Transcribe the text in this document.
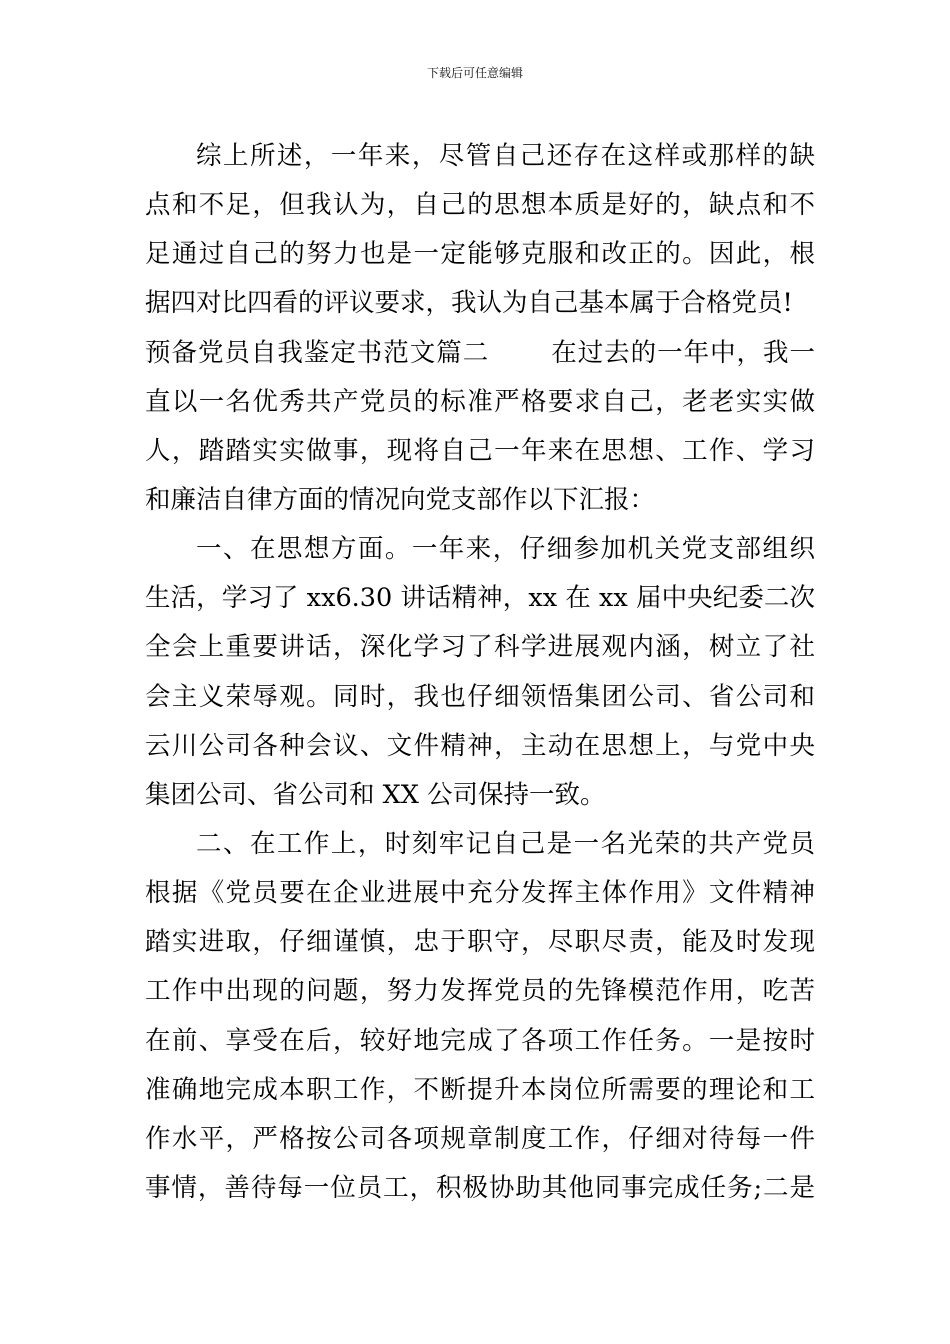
下载后可任意编辑
综上所述，一年来，尽管自己还存在这样或那样的缺
点和不足，但我认为，自己的思想本质是好的，缺点和不
足通过自己的努力也是一定能够克服和改正的。因此，根
据四对比四看的评议要求，我认为自己基本属于合格党员!
预备党员自我鉴定书范文篇二　　 在过去的一年中，我一
直以一名优秀共产党员的标准严格要求自己，老老实实做
人，踏踏实实做事，现将自己一年来在思想、工作、学习
和廉洁自律方面的情况向党支部作以下汇报：
一、在思想方面。一年来，仔细参加机关党支部组织
生活，学习了 xx6.30 讲话精神，xx 在 xx 届中央纪委二次
全会上重要讲话，深化学习了科学进展观内涵，树立了社
会主义荣辱观。同时，我也仔细领悟集团公司、省公司和
云川公司各种会议、文件精神，主动在思想上，与党中央
集团公司、省公司和 XX 公司保持一致。
二、在工作上，时刻牢记自己是一名光荣的共产党员
根据《党员要在企业进展中充分发挥主体作用》文件精神
踏实进取，仔细谨慎，忠于职守，尽职尽责，能及时发现
工作中出现的问题，努力发挥党员的先锋模范作用，吃苦
在前、享受在后，较好地完成了各项工作任务。一是按时
准确地完成本职工作，不断提升本岗位所需要的理论和工
作水平，严格按公司各项规章制度工作，仔细对待每一件
事情，善待每一位员工，积极协助其他同事完成任务;二是
